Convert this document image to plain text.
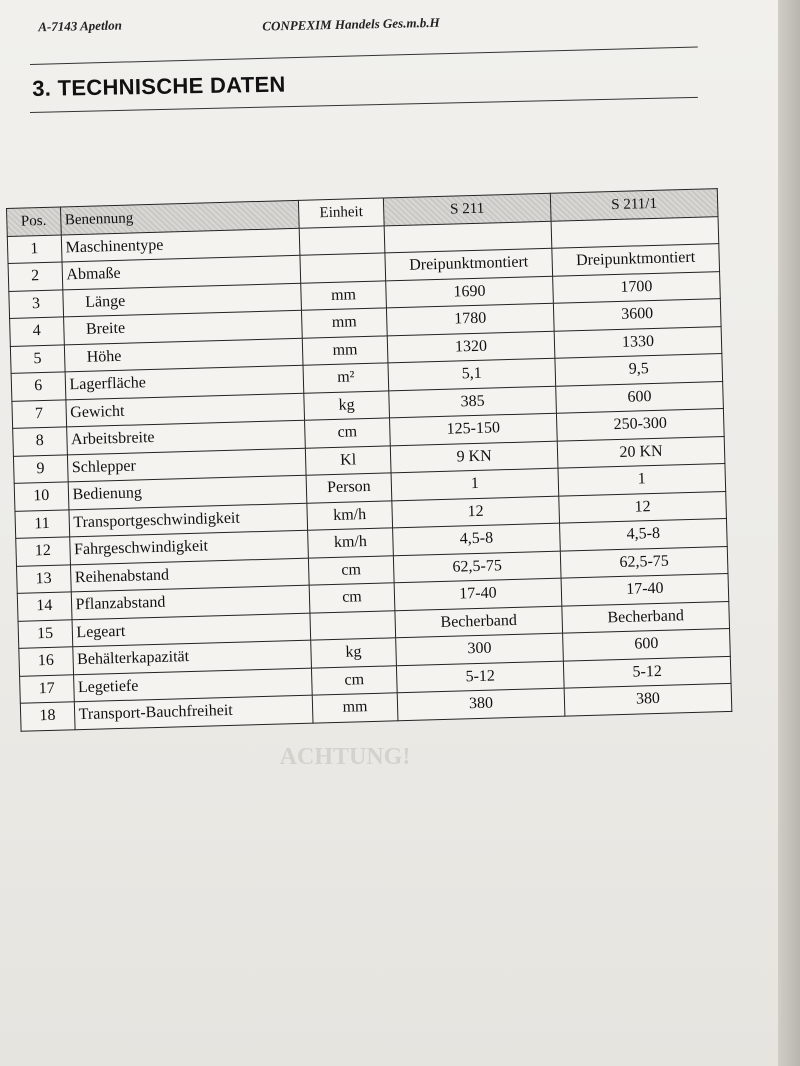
A-7143 Apetlon	CONPEXIM Handels Ges.m.b.H
3. TECHNISCHE DATEN
ACHTUNG!
Pos.	Benennung	Einheit	S 211	S 211/1
1	Maschinentype			
2	Abmaße		Dreipunktmontiert	Dreipunktmontiert
3	Länge	mm	1690	1700
4	Breite	mm	1780	3600
5	Höhe	mm	1320	1330
6	Lagerfläche	m²	5,1	9,5
7	Gewicht	kg	385	600
8	Arbeitsbreite	cm	125-150	250-300
9	Schlepper	Kl	9 KN	20 KN
10	Bedienung	Person	1	1
11	Transportgeschwindigkeit	km/h	12	12
12	Fahrgeschwindigkeit	km/h	4,5-8	4,5-8
13	Reihenabstand	cm	62,5-75	62,5-75
14	Pflanzabstand	cm	17-40	17-40
15	Legeart		Becherband	Becherband
16	Behälterkapazität	kg	300	600
17	Legetiefe	cm	5-12	5-12
18	Transport-Bauchfreiheit	mm	380	380
